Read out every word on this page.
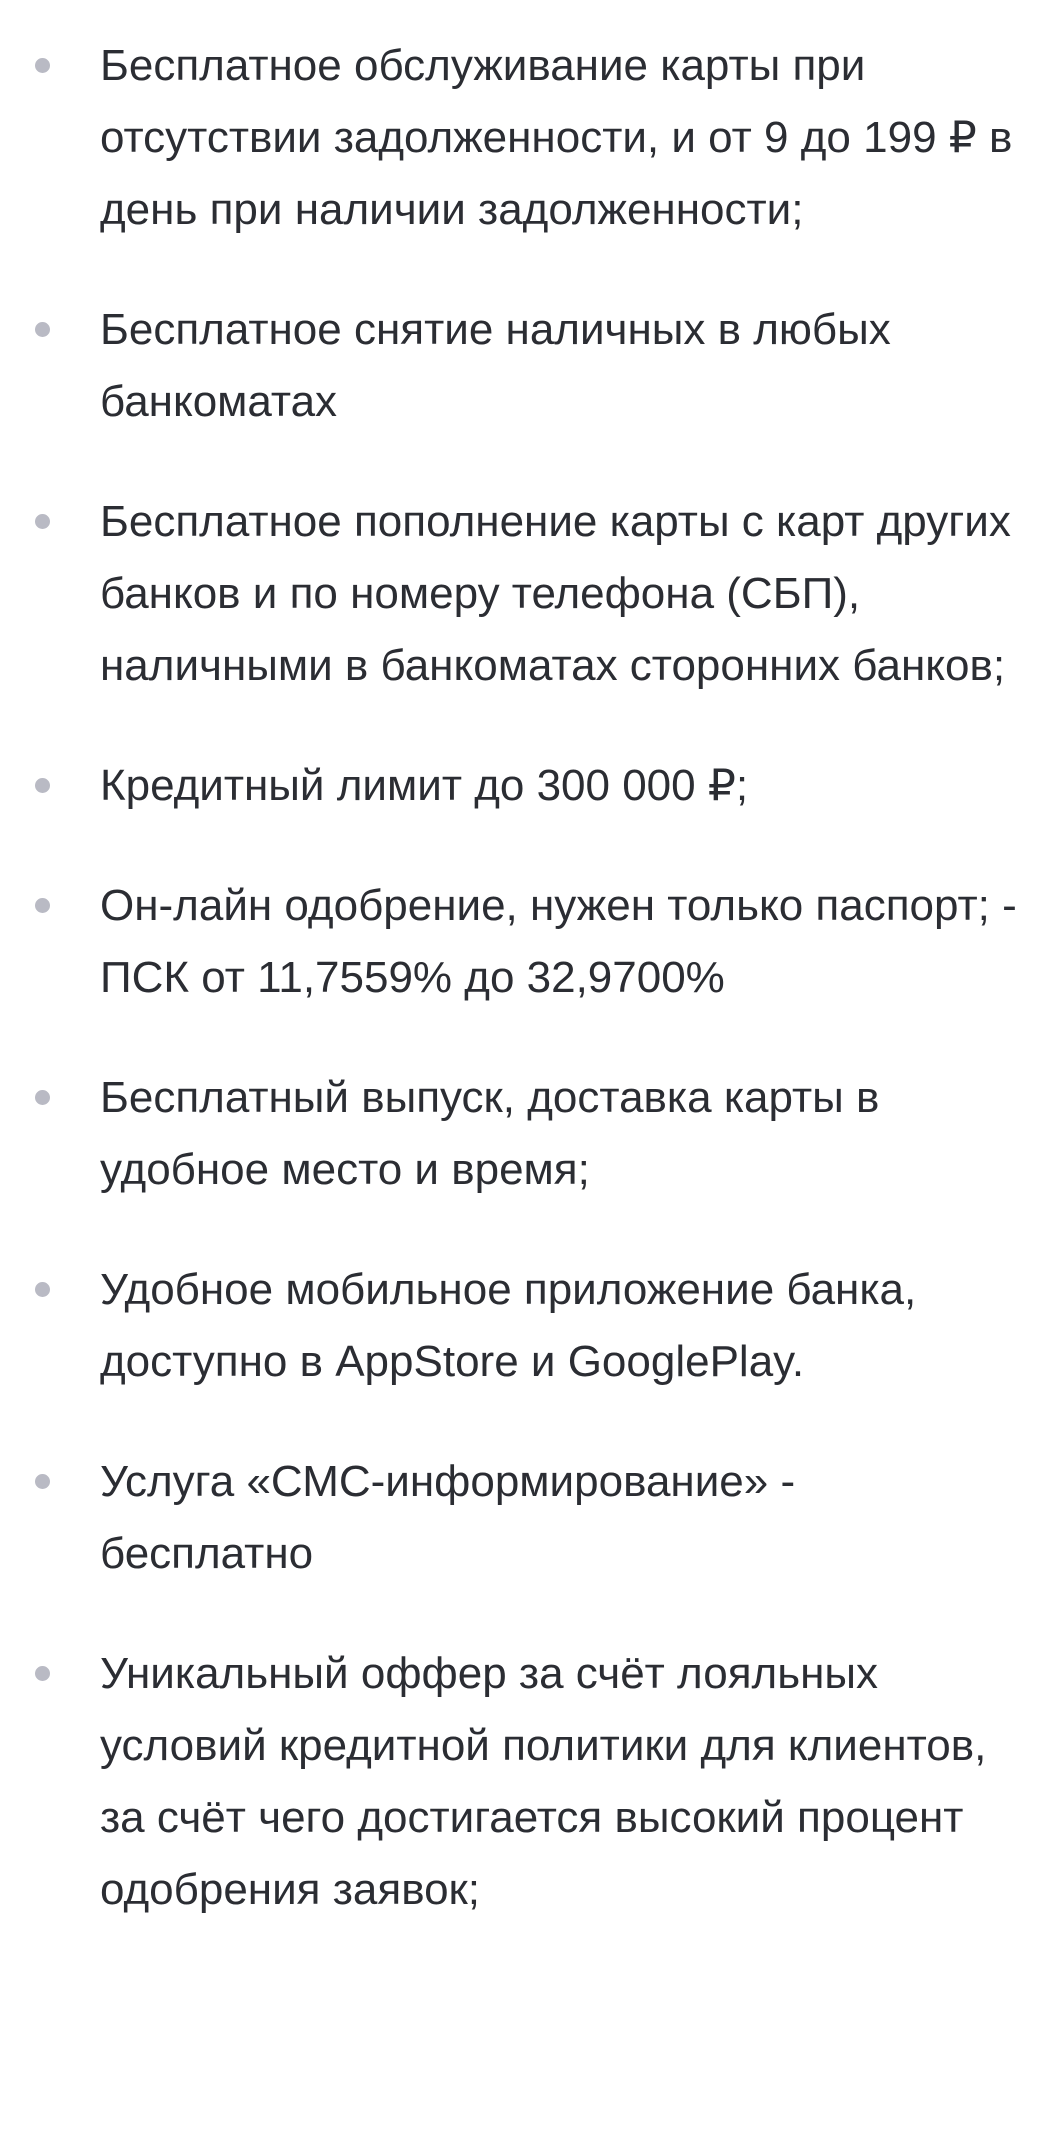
Бесплатное обслуживание карты при отсутствии задолженности, и от 9 до 199 ₽ в день при наличии задолженности;
Бесплатное снятие наличных в любых банкоматах
Бесплатное пополнение карты с карт других банков и по номеру телефона (СБП), наличными в банкоматах сторонних банков;
Кредитный лимит до 300 000 ₽;
Он-лайн одобрение, нужен только паспорт; - ПСК от 11,7559% до 32,9700%
Бесплатный выпуск, доставка карты в удобное место и время;
Удобное мобильное приложение банка, доступно в AppStore и GooglePlay.
Услуга «СМС-информирование» - бесплатно
Уникальный оффер за счёт лояльных условий кредитной политики для клиентов, за счёт чего достигается высокий процент одобрения заявок;
